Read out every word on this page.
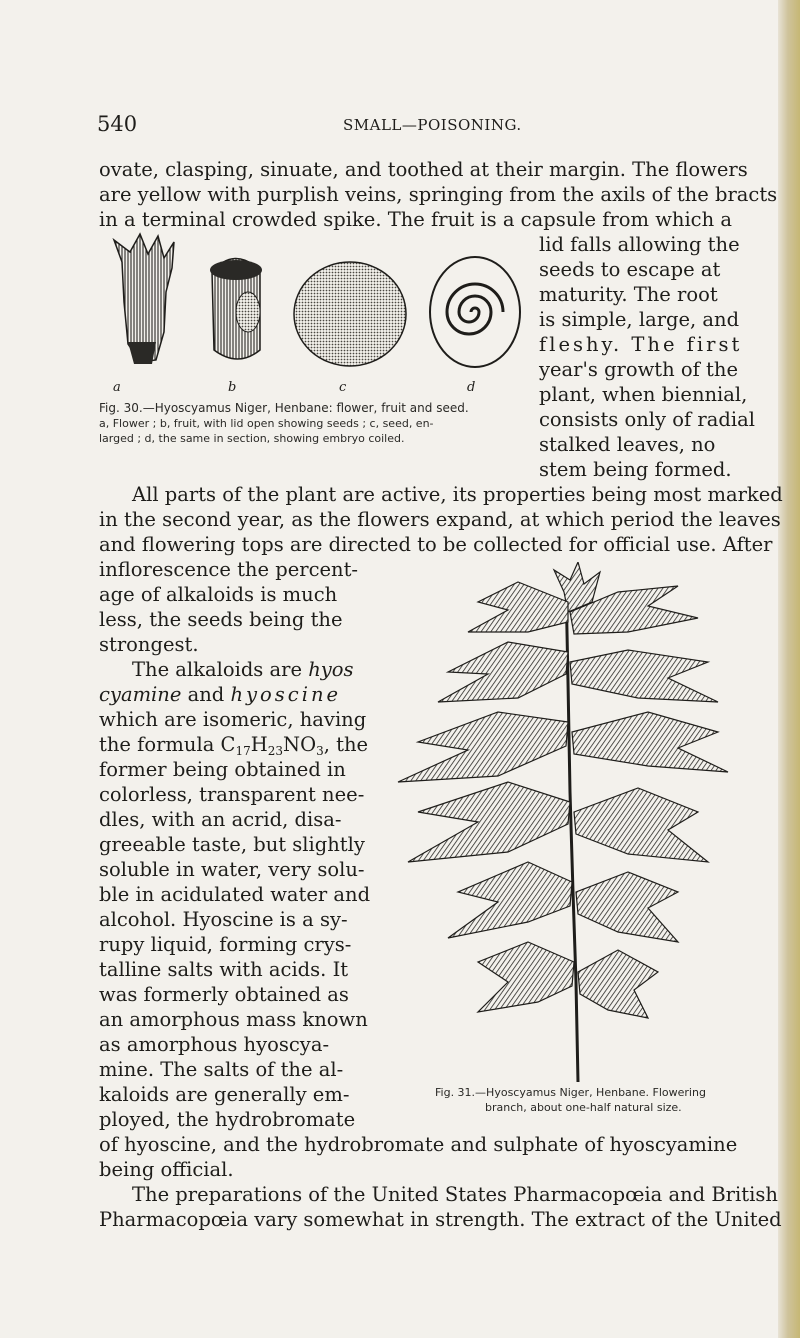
540	SMALL—POISONING.
ovate, clasping, sinuate, and toothed at their margin. The flowers
are yellow with purplish veins, springing from the axils of the bracts
in a terminal crowded spike. The fruit is a capsule from which a
lid falls allowing the
seeds to escape at
maturity. The root
is simple, large, and
fleshy. The first
year's growth of the
plant, when biennial,
consists only of radial
stalked leaves, no
stem being formed.
a	b	c	d
Fig. 30.—Hyoscyamus Niger, Henbane: flower, fruit and seed.
a, Flower ; b, fruit, with lid open showing seeds ; c, seed, en-
larged ; d, the same in section, showing embryo coiled.
All parts of the plant are active, its properties being most marked
in the second year, as the flowers expand, at which period the leaves
and flowering tops are directed to be collected for official use. After
inflorescence the percent-
age of alkaloids is much
less, the seeds being the
strongest.
The alkaloids are hyos
cyamine and hyoscine
which are isomeric, having
the formula $C_{17}H_{23}NO_3$, the
former being obtained in
colorless, transparent nee-
dles, with an acrid, disa-
greeable taste, but slightly
soluble in water, very solu-
ble in acidulated water and
alcohol. Hyoscine is a sy-
rupy liquid, forming crys-
talline salts with acids. It
was formerly obtained as
an amorphous mass known
as amorphous hyoscya-
mine. The salts of the al-
kaloids are generally em-
ployed, the hydrobromate
Fig. 31.—Hyoscyamus Niger, Henbane. Flowering
branch, about one-half natural size.
of hyoscine, and the hydrobromate and sulphate of hyoscyamine
being official.
The preparations of the United States Pharmacopœia and British
Pharmacopœia vary somewhat in strength. The extract of the United
